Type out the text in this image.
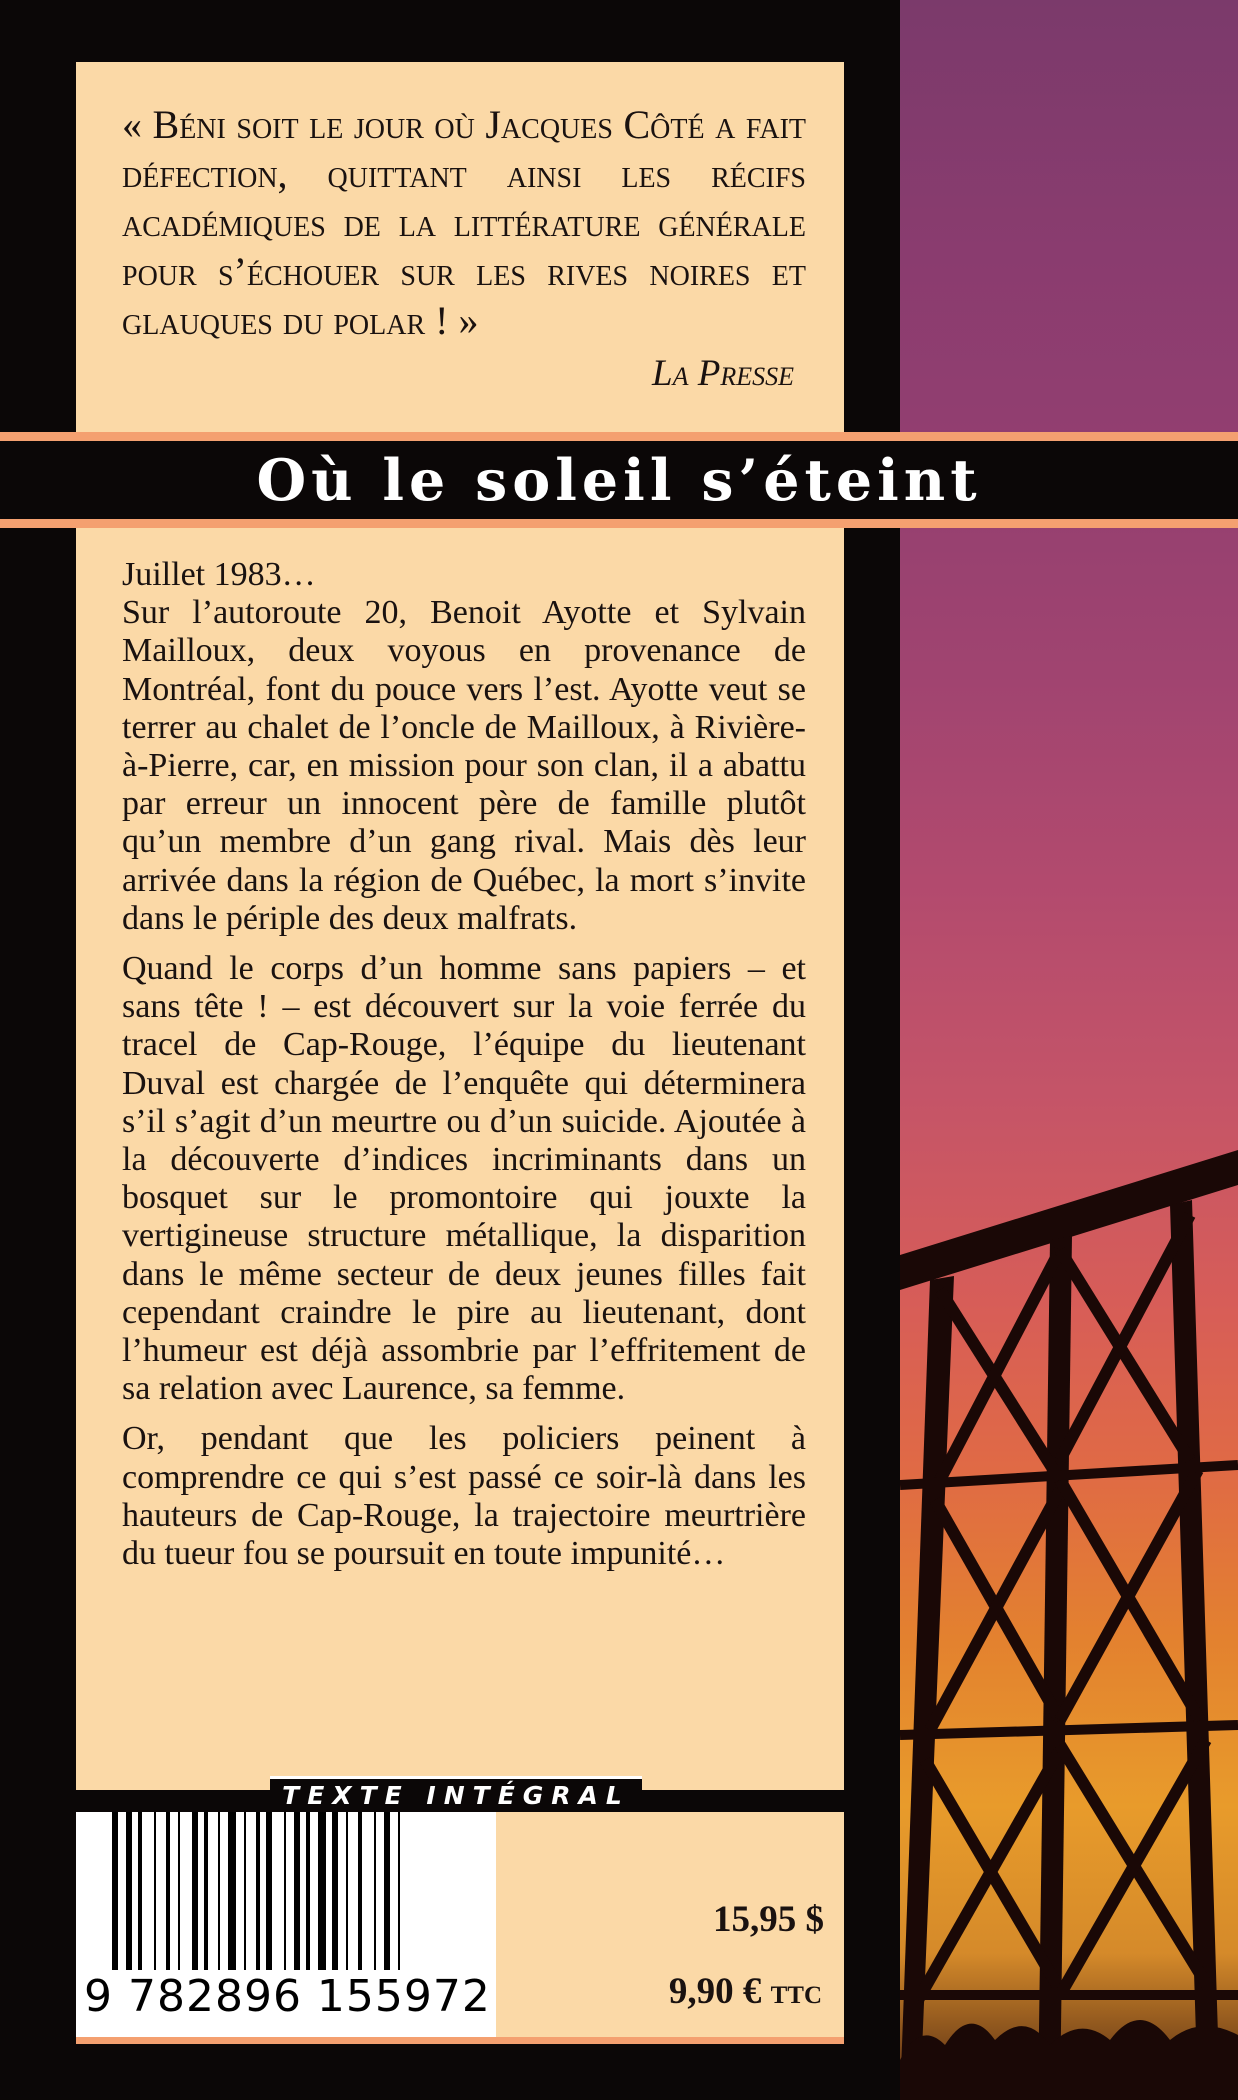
« Béni soit le jour où Jacques Côté a fait défection, quittant ainsi les récifs académiques de la littérature générale pour s’échouer sur les rives noires et glauques du polar ! »
La Presse
Où le soleil s’éteint

Juillet 1983…

Sur l’autoroute 20, Benoit Ayotte et Sylvain Mailloux, deux voyous en provenance de Montréal, font du pouce vers l’est. Ayotte veut se terrer au chalet de l’oncle de Mailloux, à Rivière-à-Pierre, car, en mission pour son clan, il a abattu par erreur un innocent père de famille plutôt qu’un membre d’un gang rival. Mais dès leur arrivée dans la région de Québec, la mort s’invite dans le périple des deux malfrats.

Quand le corps d’un homme sans papiers – et sans tête ! – est découvert sur la voie ferrée du tracel de Cap-Rouge, l’équipe du lieutenant Duval est chargée de l’enquête qui déterminera s’il s’agit d’un meurtre ou d’un suicide. Ajoutée à la découverte d’indices incriminants dans un bosquet sur le promontoire qui jouxte la vertigineuse structure métallique, la disparition dans le même secteur de deux jeunes filles fait cependant craindre le pire au lieutenant, dont l’humeur est déjà assombrie par l’effritement de sa relation avec Laurence, sa femme.

Or, pendant que les policiers peinent à comprendre ce qui s’est passé ce soir-là dans les hauteurs de Cap-Rouge, la trajectoire meurtrière du tueur fou se poursuit en toute impunité…

TEXTE INTÉGRAL
9 782896 155972
15,95 $
9,90 € TTC
